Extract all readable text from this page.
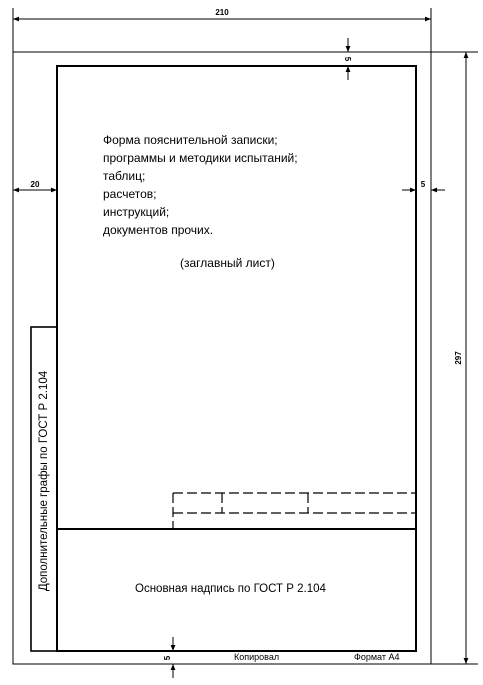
210
297
20	5
5
5
Форма пояснительной записки;
программы и методики испытаний;
таблиц;
расчетов;
инструкций;
документов прочих.
(заглавный лист)
Основная надпись по ГОСТ Р 2.104
Дополнительные графы по ГОСТ Р 2.104
Копировал	Формат А4
